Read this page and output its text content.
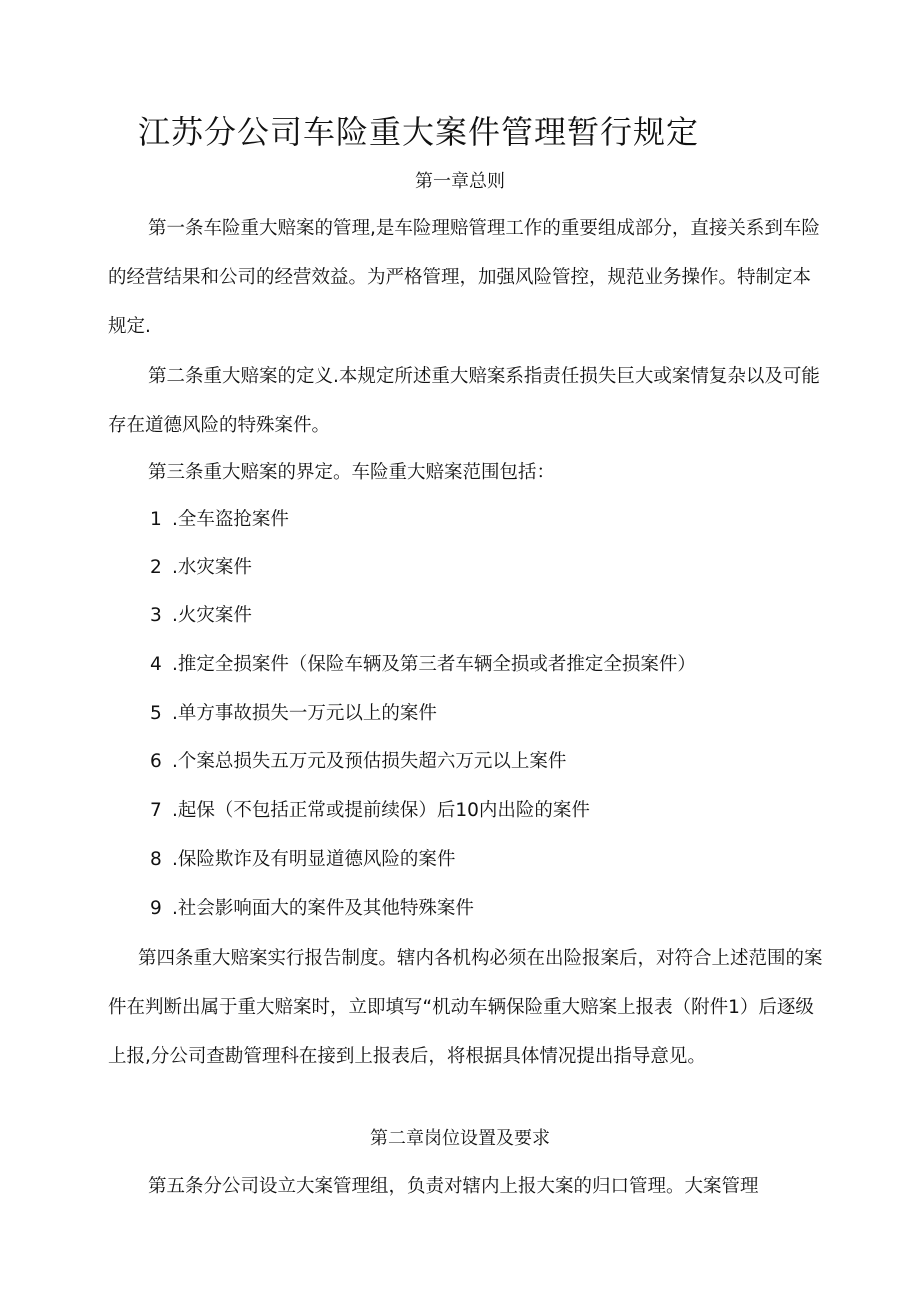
江苏分公司车险重大案件管理暂行规定
第一章总则
第一条车险重大赔案的管理,是车险理赔管理工作的重要组成部分，直接关系到车险的经营结果和公司的经营效益。为严格管理，加强风险管控，规范业务操作。特制定本规定.
第二条重大赔案的定义.本规定所述重大赔案系指责任损失巨大或案情复杂以及可能存在道德风险的特殊案件。
第三条重大赔案的界定。车险重大赔案范围包括：
1 .全车盗抢案件
2 .水灾案件
3 .火灾案件
4 .推定全损案件（保险车辆及第三者车辆全损或者推定全损案件）
5 .单方事故损失一万元以上的案件
6 .个案总损失五万元及预估损失超六万元以上案件
7 .起保（不包括正常或提前续保）后10内出险的案件
8 .保险欺诈及有明显道德风险的案件
9 .社会影响面大的案件及其他特殊案件
第四条重大赔案实行报告制度。辖内各机构必须在出险报案后，对符合上述范围的案件在判断出属于重大赔案时，立即填写“机动车辆保险重大赔案上报表（附件1）后逐级上报,分公司查勘管理科在接到上报表后，将根据具体情况提出指导意见。
第二章岗位设置及要求
第五条分公司设立大案管理组，负责对辖内上报大案的归口管理。大案管理
